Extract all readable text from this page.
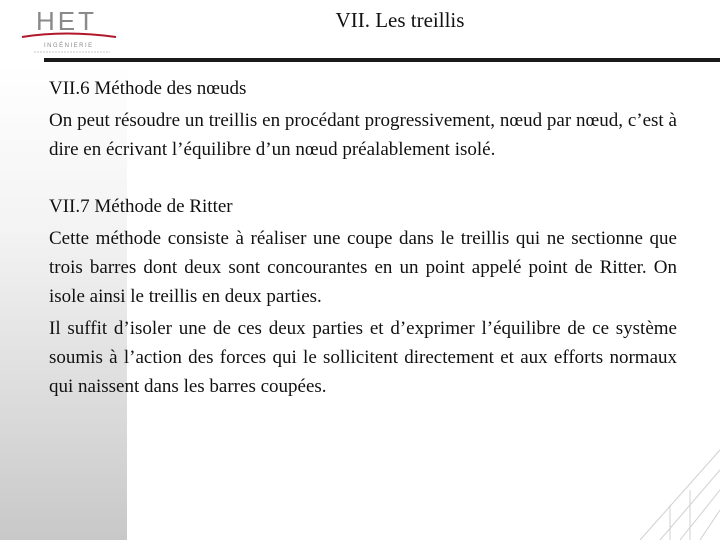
HET
INGÉNIERIE
VII. Les treillis
VII.6 Méthode des nœuds

On peut résoudre un treillis en procédant progressivement, nœud par nœud, c’est à dire en écrivant l’équilibre d’un nœud préalablement isolé.

VII.7 Méthode de Ritter

Cette méthode consiste à réaliser une coupe dans le treillis qui ne sectionne que trois barres dont deux sont concourantes en un point appelé point de Ritter. On isole ainsi le treillis en deux parties.

Il suffit d’isoler une de ces deux parties et d’exprimer l’équilibre de ce système soumis à l’action des forces qui le sollicitent directement et aux efforts normaux qui naissent dans les barres coupées.
